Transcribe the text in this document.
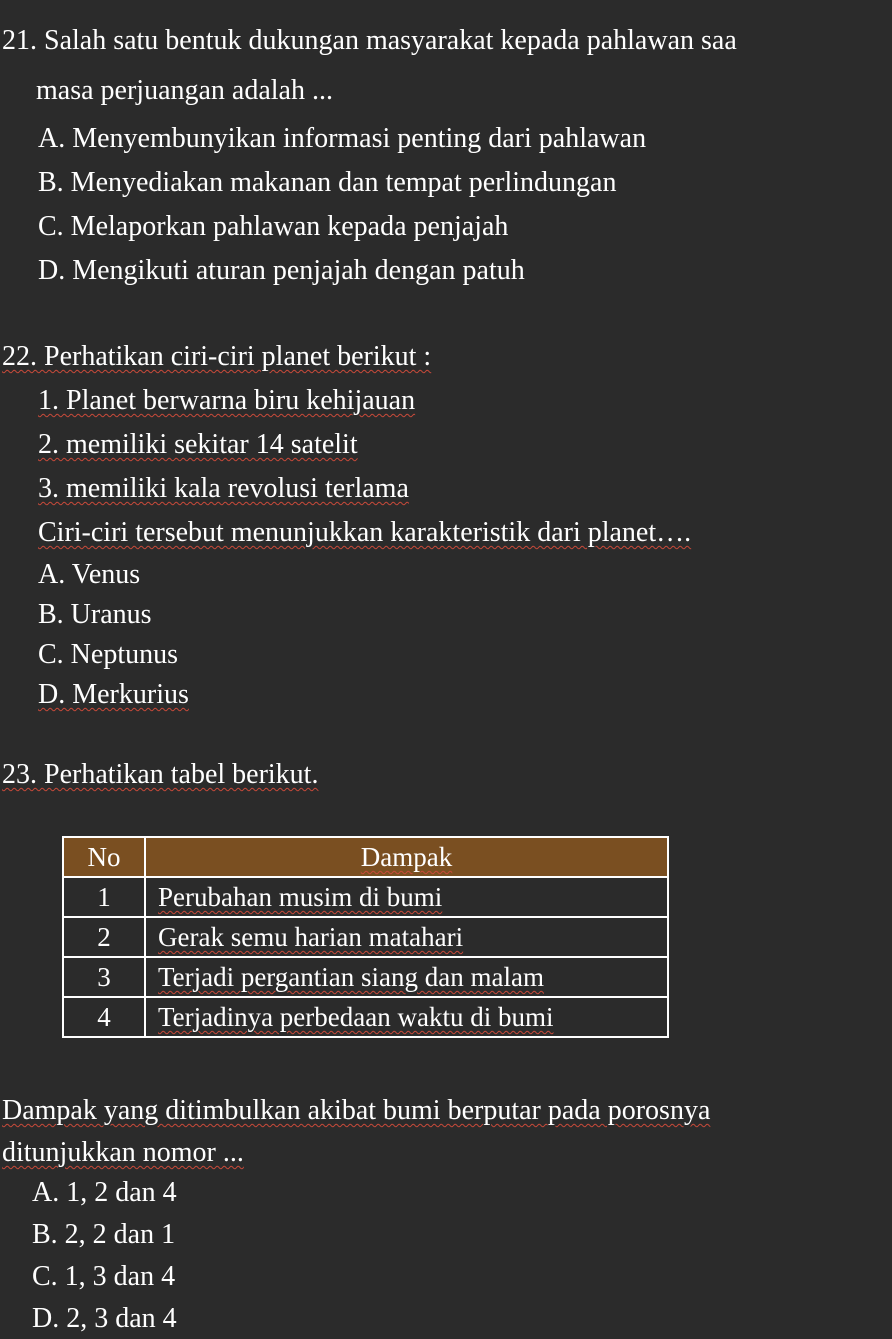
21. Salah satu bentuk dukungan masyarakat kepada pahlawan saa
masa perjuangan adalah ...
A. Menyembunyikan informasi penting dari pahlawan
B. Menyediakan makanan dan tempat perlindungan
C. Melaporkan pahlawan kepada penjajah
D. Mengikuti aturan penjajah dengan patuh
22. Perhatikan ciri-ciri planet berikut :
1. Planet berwarna biru kehijauan
2. memiliki sekitar 14 satelit
3. memiliki kala revolusi terlama
Ciri-ciri tersebut menunjukkan karakteristik dari planet….
A. Venus
B. Uranus
C. Neptunus
D. Merkurius
23. Perhatikan tabel berikut.
No	Dampak
1	Perubahan musim di bumi
2	Gerak semu harian matahari
3	Terjadi pergantian siang dan malam
4	Terjadinya perbedaan waktu di bumi
Dampak yang ditimbulkan akibat bumi berputar pada porosnya
ditunjukkan nomor ...
A. 1, 2 dan 4
B. 2, 2 dan 1
C. 1, 3 dan 4
D. 2, 3 dan 4
